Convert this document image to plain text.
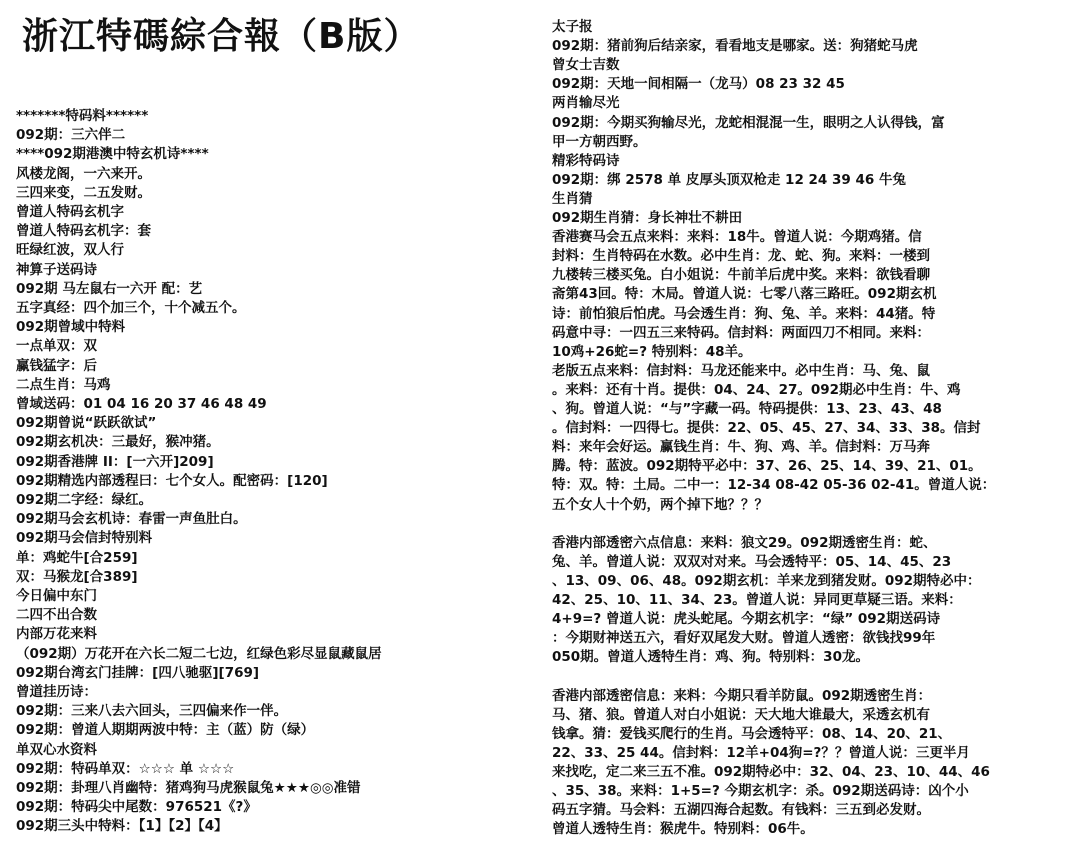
浙江特碼綜合報（B版）
*******特码料******
092期：三六伴二
****092期港澳中特玄机诗****
风楼龙阁，一六来开。
三四来变，二五发财。
曾道人特码玄机字
曾道人特码玄机字：套
旺绿红波，双人行
神算子送码诗
092期 马左鼠右一六开 配：艺
五字真经：四个加三个，十个减五个。
092期曾域中特料
一点单双：双
赢钱猛字：后
二点生肖：马鸡
曾域送码：01 04 16 20 37 46 48 49
092期曾说“跃跃欲试”
092期玄机决：三最好，猴冲猪。
092期香港牌 II：[一六开]209]
092期精选内部透程曰：七个女人。配密码：[120]
092期二字经：绿红。
092期马会玄机诗：春雷一声鱼肚白。
092期马会信封特别料
单：鸡蛇牛[合259]
双：马猴龙[合389]
今日偏中东门
二四不出合数
内部万花来料
（092期）万花开在六长二短二七边，红绿色彩尽显鼠藏鼠居
092期台湾玄门挂牌：[四八驰驱][769]
曾道挂历诗：
092期：三来八去六回头，三四偏来作一伴。
092期：曾道人期期两波中特：主（蓝）防（绿）
单双心水资料
092期：特码单双：☆☆☆ 单 ☆☆☆
092期：卦理八肖幽特：猪鸡狗马虎猴鼠兔★★★◎◎准错
092期：特码尖中尾数：976521《?》
092期三头中特料：【1】【2】【4】
太子报
092期：猪前狗后结亲家，看看地支是哪家。送：狗猪蛇马虎
曾女士吉数
092期：天地一间相隔一（龙马）08 23 32 45
两肖输尽光
092期：今期买狗输尽光，龙蛇相混混一生，眼明之人认得钱，富
甲一方朝西野。
精彩特码诗
092期：绑 2578 单 皮厚头顶双枪走 12 24 39 46 牛兔
生肖猜
092期生肖猜：身长神壮不耕田
香港赛马会五点来料：来料：18牛。曾道人说：今期鸡猪。信
封料：生肖特码在水数。必中生肖：龙、蛇、狗。来料：一楼到
九楼转三楼买兔。白小姐说：牛前羊后虎中奖。来料：欲钱看聊
斋第43回。特：木局。曾道人说：七零八落三路旺。092期玄机
诗：前怕狼后怕虎。马会透生肖：狗、兔、羊。来料：44猪。特
码意中寻：一四五三来特码。信封料：两面四刀不相同。来料：
10鸡+26蛇=? 特别料：48羊。
老版五点来料：信封料：马龙还能来中。必中生肖：马、兔、鼠
。来料：还有十肖。提供：04、24、27。092期必中生肖：牛、鸡
、狗。曾道人说：“与”字藏一码。特码提供：13、23、43、48
。信封料：一四得七。提供：22、05、45、27、34、33、38。信封
料：来年会好运。赢钱生肖：牛、狗、鸡、羊。信封料：万马奔
腾。特：蓝波。092期特平必中：37、26、25、14、39、21、01。
特：双。特：土局。二中一：12-34 08-42 05-36 02-41。曾道人说：
五个女人十个奶，两个掉下地？？？
香港内部透密六点信息：来料：狼文29。092期透密生肖：蛇、
兔、羊。曾道人说：双双对对来。马会透特平：05、14、45、23
、13、09、06、48。092期玄机：羊来龙到猪发财。092期特必中：
42、25、10、11、34、23。曾道人说：异同更草疑三语。来料：
4+9=? 曾道人说：虎头蛇尾。今期玄机字：“绿” 092期送码诗
：今期财神送五六，看好双尾发大财。曾道人透密：欲钱找99年
050期。曾道人透特生肖：鸡、狗。特别料：30龙。
香港内部透密信息：来料：今期只看羊防鼠。092期透密生肖：
马、猪、狼。曾道人对白小姐说：天大地大谁最大，采透玄机有
钱拿。猜：爱钱买爬行的生肖。马会透特平：08、14、20、21、
22、33、25 44。信封料：12羊+04狗=?？？曾道人说：三更半月
来找吃，定二来三五不准。092期特必中：32、04、23、10、44、46
、35、38。来料：1+5=? 今期玄机字：杀。092期送码诗：凶个小
码五字猜。马会料：五湖四海合起数。有钱料：三五到必发财。
曾道人透特生肖：猴虎牛。特别料：06牛。
